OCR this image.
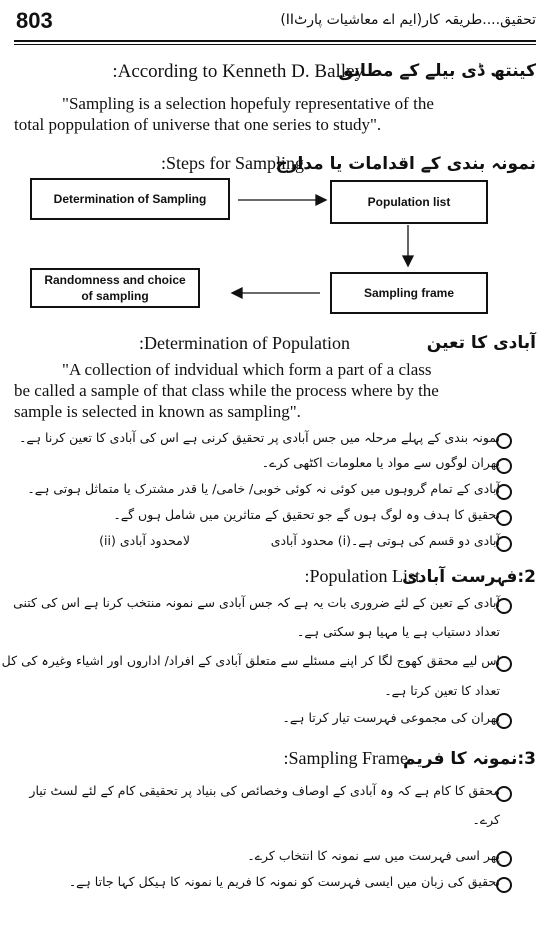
803	تحقیق....طریقہ کار(ایم اے معاشیات پارٹII)
کینتھ ڈی بیلے کے مطابق
:According to Kenneth D. Balley
"Sampling is a selection hopefuly representative of the
total poppulation of universe that one series to study".
نمونہ بندی کے اقدامات یا مدارج
:Steps for Sampling
Determination of Sampling	Population list
Sampling frame
Randomness and choice
of sampling
آبادی کا تعین
:Determination of Population
"A collection of indvidual which form a part of a class
be called a sample of that class while the process where by the
sample is selected in known as sampling".
نمونہ بندی کے پہلے مرحلہ میں جس آبادی پر تحقیق کرنی ہے اس کی آبادی کا تعین کرنا ہے۔
پھران لوگوں سے مواد یا معلومات اکٹھی کرے۔
آبادی کے تمام گروہوں میں کوئی نہ کوئی خوبی/ خامی/ یا قدر مشترک یا متماثل ہوتی ہے۔
تحقیق کا ہدف وہ لوگ ہوں گے جو تحقیق کے متاثرین میں شامل ہوں گے۔
آبادی دو قسم کی ہوتی ہے۔(i) محدود آبادی
(ii) لامحدود آبادی
2:فہرست آبادی
:Population List
آبادی کے تعین کے لئے ضروری بات یہ ہے کہ جس آبادی سے نمونہ منتخب کرنا ہے اس کی کتنی
تعداد دستیاب ہے یا مہیا ہو سکتی ہے۔
اس لیے محقق کھوج لگا کر اپنے مسئلے سے متعلق آبادی کے افراد/ اداروں اور اشیاء وغیرہ کی کل
تعداد کا تعین کرتا ہے۔
پھران کی مجموعی فہرست تیار کرتا ہے۔
3:نمونہ کا فریم
:Sampling Frame
محقق کا کام ہے کہ وہ آبادی کے اوصاف وخصائص کی بنیاد پر تحقیقی کام کے لئے لسٹ تیار
کرے۔
پھر اسی فہرست میں سے نمونہ کا انتخاب کرے۔
تحقیق کی زبان میں ایسی فہرست کو نمونہ کا فریم یا نمونہ کا ہیکل کہا جاتا ہے۔
